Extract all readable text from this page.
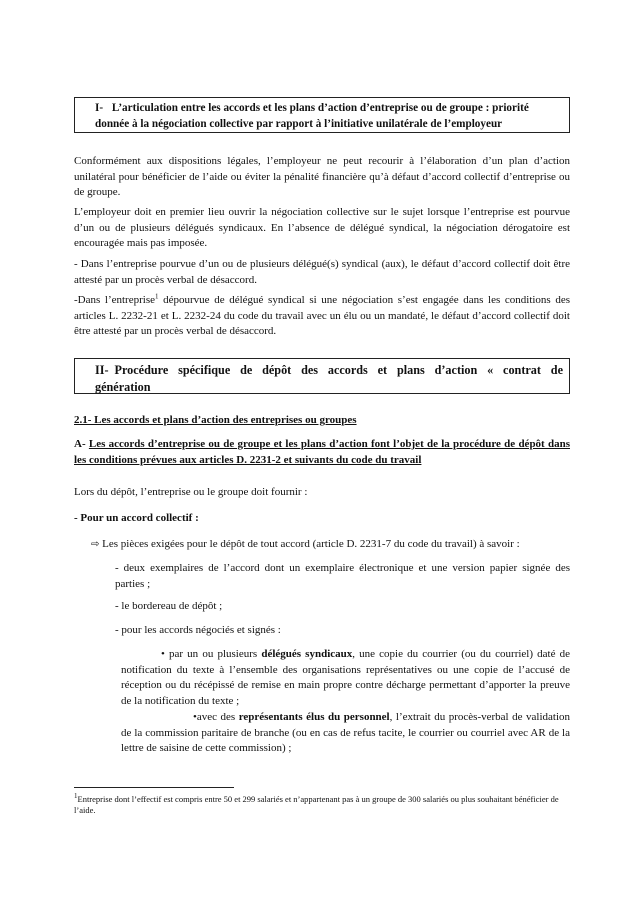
I- L’articulation entre les accords et les plans d’action d’entreprise ou de groupe : priorité
donnée à la négociation collective par rapport à l’initiative unilatérale de l’employeur
Conformément aux dispositions légales, l’employeur ne peut recourir à l’élaboration d’un plan d’action unilatéral pour bénéficier de l’aide ou éviter la pénalité financière qu’à défaut d’accord collectif d’entreprise ou de groupe.
L’employeur doit en premier lieu ouvrir la négociation collective sur le sujet lorsque l’entreprise est pourvue d’un ou de plusieurs délégués syndicaux. En l’absence de délégué syndical, la négociation dérogatoire est encouragée mais pas imposée.
- Dans l’entreprise pourvue d’un ou de plusieurs délégué(s) syndical (aux), le défaut d’accord collectif doit être attesté par un procès verbal de désaccord.
-Dans l’entreprise$^1$ dépourvue de délégué syndical si une négociation s’est engagée dans les conditions des articles L. 2232-21 et L. 2232-24 du code du travail avec un élu ou un mandaté, le défaut d’accord collectif doit être attesté par un procès verbal de désaccord.
II- Procédure spécifique de dépôt des accords et plans d’action « contrat de
génération
2.1- Les accords et plans d’action des entreprises ou groupes
A- Les accords d’entreprise ou de groupe et les plans d’action font l’objet de la procédure de dépôt dans les conditions prévues aux articles D. 2231-2 et suivants du code du travail
Lors du dépôt, l’entreprise ou le groupe doit fournir :
- Pour un accord collectif :
⇨ Les pièces exigées pour le dépôt de tout accord (article D. 2231-7 du code du travail) à savoir :
- deux exemplaires de l’accord dont un exemplaire électronique et une version papier signée des parties ;
- le bordereau de dépôt ;
- pour les accords négociés et signés :
• par un ou plusieurs délégués syndicaux, une copie du courrier (ou du courriel) daté de notification du texte à l’ensemble des organisations représentatives ou une copie de l’accusé de réception ou du récépissé de remise en main propre contre décharge permettant d’apporter la preuve de la notification du texte ;
•avec des représentants élus du personnel, l’extrait du procès-verbal de validation de la commission paritaire de branche (ou en cas de refus tacite, le courrier ou courriel avec AR de la lettre de saisine de cette commission) ;
$^1$Entreprise dont l’effectif est compris entre 50 et 299 salariés et n’appartenant pas à un groupe de 300 salariés ou plus souhaitant bénéficier de l’aide.
